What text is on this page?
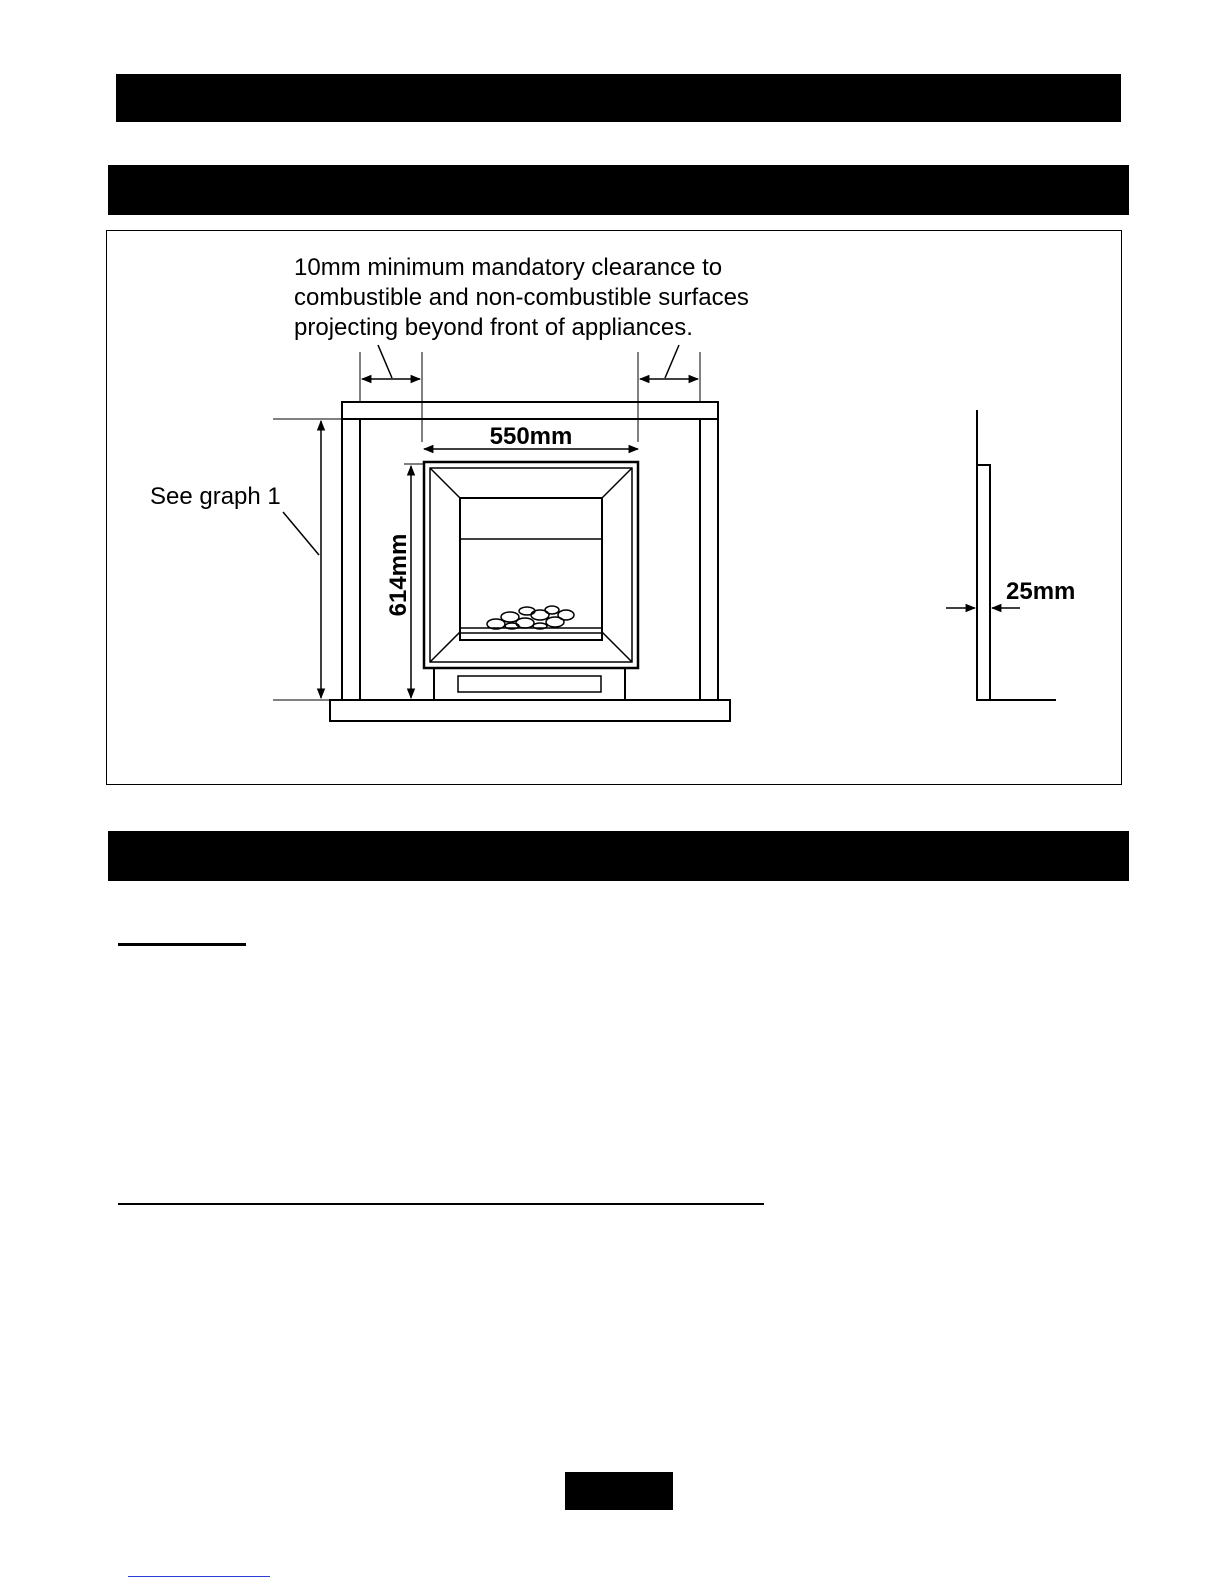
10mm minimum mandatory clearance to
combustible and non-combustible surfaces
projecting beyond front of appliances.
550mm
614mm
See graph 1
25mm
